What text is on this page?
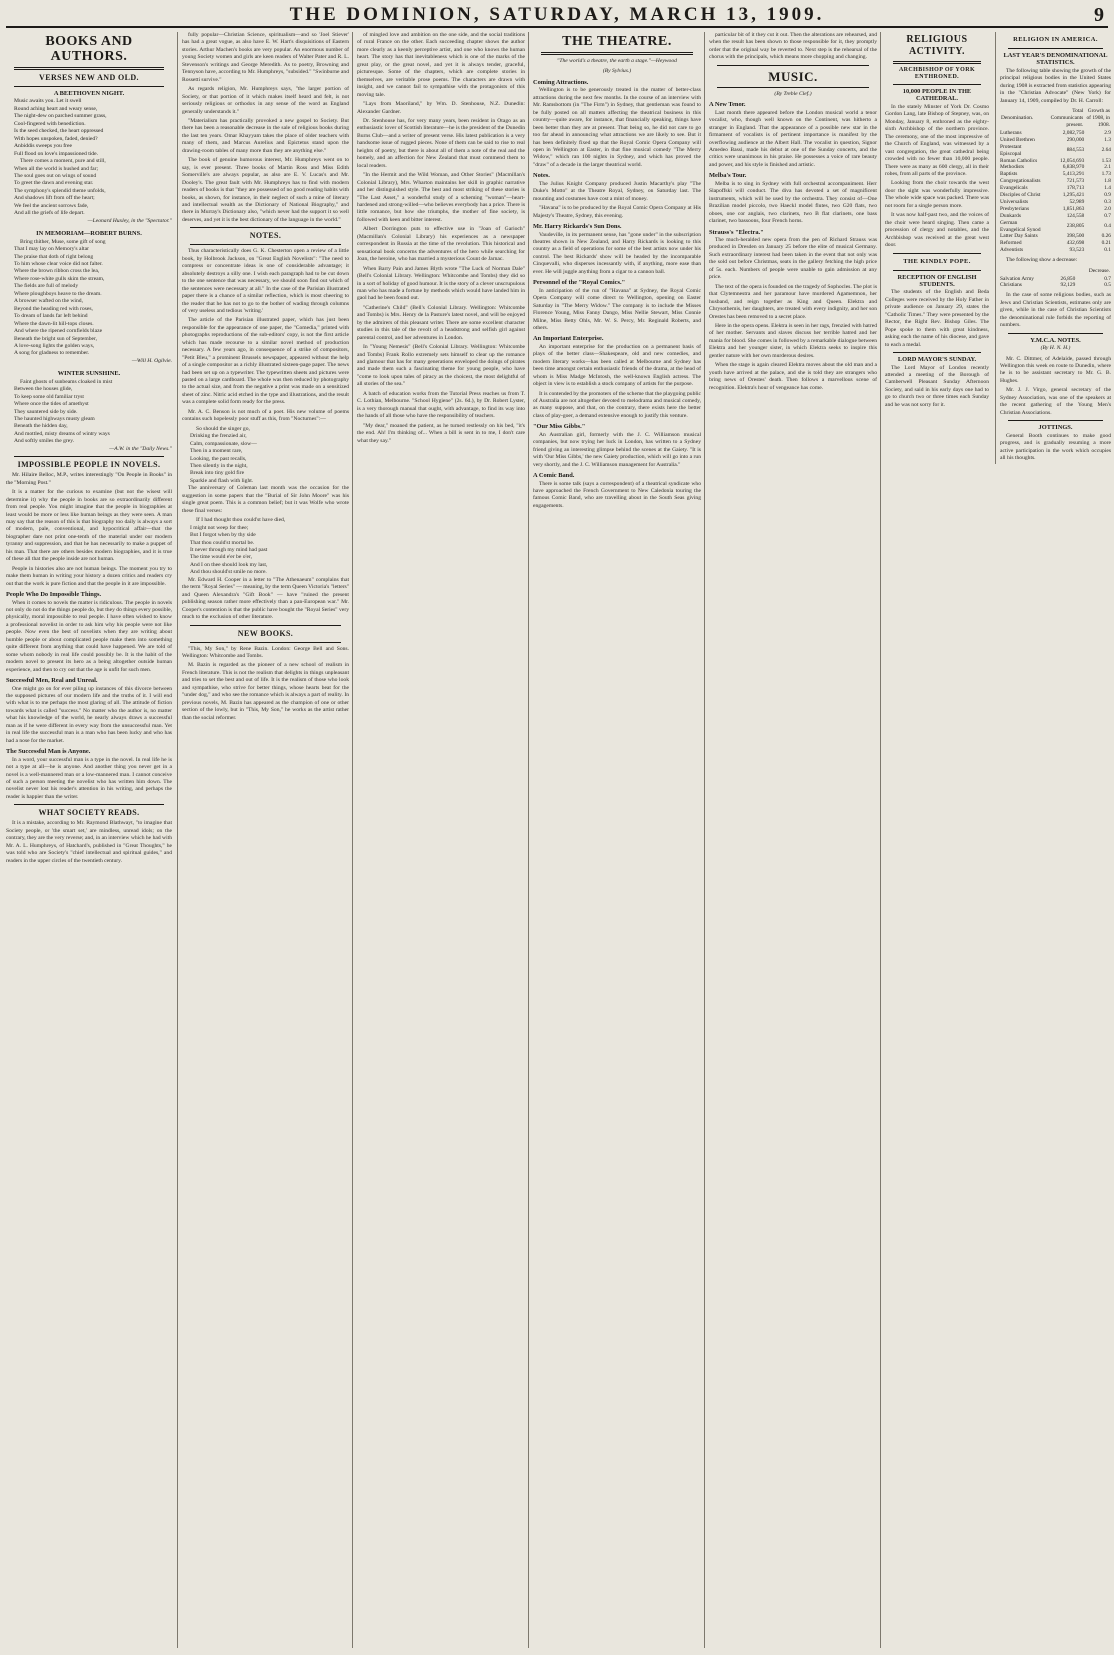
THE DOMINION, SATURDAY, MARCH 13, 1909.	9
BOOKS AND AUTHORS.
VERSES NEW AND OLD.
A BEETHOVEN NIGHT.
Music awaits you. Let it swell
Round aching heart and weary sense,
The night-dew on parched summer grass,
Cool-fingered with benediction.
Is the seed checked, the heart oppressed
With hopes unspoken, faded, denied?
Anbiddis sweeps you free
Full flood on love's impassioned tide.
There comes a moment, pure and still,
When all the world is hushed and far;
The soul goes out on wings of sound
To greet the dawn and evening star.
The symphony's splendid theme unfolds,
And shadows lift from off the heart;
We feel the ancient sorrows fade,
And all the griefs of life depart.
—Leonard Huxley, in the "Spectator."
IN MEMORIAM—ROBERT BURNS.
Bring thither, Muse, some gift of song
That I may lay on Memory's altar
The praise that doth of right belong
To him whose clear voice did not falter.
Where the brown ribbon cross the lea,
Where rose-white gulls skim the stream,
The fields are full of melody
Where ploughboys heave to the dream.
A browser wafted on the wind,
Beyond the heading red with roses,
To dream of lands far left behind
Where the dawn-lit hill-tops closes.
And where the ripened cornfields blaze
Beneath the bright sun of September,
A love-song lights the golden ways,
A song for gladness to remember.
—Will H. Ogilvie.
WINTER SUNSHINE.
Faint ghosts of sunbeams cloaked in mist
Between the houses glide,
To keep some old familiar tryst
Where once the tides of amethyst
They sauntered side by side.
The haunted highways musty gleam
Beneath the hidden day,
And mottled, misty dreams of wintry ways
And softly smiles the grey.
—A.W. in the "Daily News."
IMPOSSIBLE PEOPLE IN NOVELS.

Mr. Hilaire Belloc, M.P., writes interestingly "On People in Books" in the "Morning Post."

It is a matter for the curious to examine (but not the wisest will determine it) why the people in books are so extraordinarily different from real people. You might imagine that the people in biographies at least would be more or less like human beings as they were seen. A man may say that the reason of this is that biography too daily is always a sort of modern, pale, conventional, and hypocritical affair—that the biographer dare not print one-tenth of the material under our modern tyranny and suppression, and that he has necessarily to make a puppet of his man. That there are others besides modern biographies, and it is true of these all that the people inside are not human.

People in histories also are not human beings. The moment you try to make them human in writing your history a dozen critics and readers cry out that the work is pure fiction and that the people in it are impossible.

People Who Do Impossible Things.

When it comes to novels the matter is ridiculous. The people in novels not only do not do the things people do, but they do things every possible, physically, moral impossible to real people. I have often wished to know a professional novelist in order to ask him why his people were not like people. Now even the best of novelists when they are writing about humble people or about complicated people make them into something quite different from anything that could have happened. We are told of some whom nobody in real life could possibly be. It is the habit of the modern novel to present its hero as a being altogether outside human experience, and then to cry out that the age is unfit for such men.

Successful Men, Real and Unreal.

One might go on for ever piling up instances of this divorce between the supposed pictures of our modern life and the truths of it. I will end with what is to me perhaps the most glaring of all. The attitude of fiction towards what is called "success." No matter who the author is, no matter what his knowledge of the world, he nearly always draws a successful man as if he were different in every way from the unsuccessful man. Yet in real life the successful man is a man who has been lucky and who has had a nose for the market.

The Successful Man is Anyone.

In a word, your successful man is a type in the novel. In real life he is not a type at all—he is anyone. And another thing you never get in a novel is a well-mannered man or a low-mannered man. I cannot conceive of such a person meeting the novelist who has written him down. The novelist never lost his reader's attention in his writing, and perhaps the reader is happier than the writer.

WHAT SOCIETY READS.

It is a mistake, according to Mr. Raymond Blathwayt, "to imagine that Society people, or 'the smart set,' are mindless, unread idols; on the contrary, they are the very reverse; and, in an interview which he had with Mr. A. L. Humphreys, of Hatchard's, published in "Great Thoughts," he was told who are Society's "chief intellectual and spiritual guides," and readers in the upper circles of the twentieth century.

fully popular—Christian Science, spiritualism—and so 'Joel Stiever' has had a great vogue, as also have E. W. Hart's disquisitions of Eastern stories. Arthur Machen's books are very popular. An enormous number of young Society women and girls are keen readers of Walter Pater and R. L. Stevenson's writings and George Meredith. As to poetry, Browning and Tennyson have, according to Mr. Humphreys, "subsided." "Swinburne and Rossetti survive."

As regards religion, Mr. Humphreys says, "the larger portion of Society, or that portion of it which makes itself heard and felt, is not seriously religious or orthodox in any sense of the word as England generally understands it."

"Materialism has practically provoked a new gospel to Society. But there has been a reasonable decrease in the sale of religious books during the last ten years. Omar Khayyam takes the place of older teachers with many of them, and Marcus Aurelius and Epictetus stand upon the drawing-room tables of many more than they are anything else."

The book of genuine humorous interest, Mr. Humphreys went on to say, is ever present. Three books of Martin Ross and Miss Edith Somerville's are always popular, as also are E. V. Lucas's and Mr. Dooley's. The great fault with Mr. Humphreys has to find with modern readers of books is that "they are possessed of no good reading habits with books, as shown, for instance, in their neglect of such a mine of literary and intellectual wealth as the Dictionary of National Biography," and there in Murray's Dictionary also, "which never had the support it so well deserves, and yet it is the best dictionary of the language in the world."

NOTES.

Thus characteristically does G. K. Chesterton open a review of a little book, by Holbrook Jackson, on "Great English Novelists": "The need to compress or concentrate ideas is one of considerable advantage; it absolutely destroys a silly one. I wish each paragraph had to be cut down to the one sentence that was necessary, we should soon find out which of the sentences were necessary at all." In the case of the Parisian illustrated paper there is a chance of a similar reflection, which is most cheering to the reader that he has not to go to the bother of wading through columns of very useless and tedious 'writing.'

The article of the Parisian illustrated paper, which has just been responsible for the appearance of one paper, the "Comedia," printed with photographs reproductions of the sub-editors' copy, is not the first article which has made recourse to a similar novel method of production necessary. A few years ago, in consequence of a strike of compositors, "Petit Bleu," a prominent Brussels newspaper, appeared without the help of a single compositor as a richly illustrated sixteen-page paper. The news had been set up on a typewriter. The typewritten sheets and pictures were pasted on a large cardboard. The whole was then reduced by photography to the actual size, and from the negative a print was made on a sensitized sheet of zinc. Nitric acid etched in the type and illustrations, and the result was a complete solid form ready for the press.

Mr. A. C. Benson is not much of a poet. His new volume of poems contains such hopelessly poor stuff as this, from "Nocturnes":—

So should the singer go,
Drinking the frenzied air,
Calm, compassionate, slow—
Then in a moment rare,
Looking, the past recalls,
Then silently in the night,
Break into tiny gold fire
Sparkle and flash with light.

The anniversary of Coleman last month was the occasion for the suggestion in some papers that the "Burial of Sir John Moore" was his single great poem. This is a common belief; but it was Wolfe who wrote these final verses:

If I had thought thou could'st have died,
I might not weep for thee;
But I forgot when by thy side
That thou could'st mortal be.
It never through my mind had past
The time would e'er be o'er,
And I on thee should look my last,
And thou should'st smile no more.

Mr. Edward H. Cooper in a letter to "The Athenaeum" complains that the term "Royal Series" — meaning, by the term Queen Victoria's "letters" and Queen Alexandra's "Gift Book" — have "ruined the present publishing season rather more effectively than a pan-European war." Mr. Cooper's contention is that the public have bought the "Royal Series" very much to the exclusion of other literature.

NEW BOOKS.

"This, My Son," by Rene Bazin. London: George Bell and Sons. Wellington: Whitcombe and Tombs.

M. Bazin is regarded as the pioneer of a new school of realism in French literature. This is not the realism that delights in things unpleasant and tries to set the best and out of life. It is the realism of those who look and sympathise, who strive for better things, whose hearts beat for the "under dog," and who see the romance which is always a part of reality. In previous novels, M. Bazin has appeared as the champion of one or other section of the lowly, but in "This, My Son," he works as the artist rather than the social reformer.

of mingled love and ambition on the one side, and the social traditions of rural France on the other. Each succeeding chapter shows the author more clearly as a keenly perceptive artist, and one who knows the human heart. The story has that inevitableness which is one of the marks of the great play, or the great novel, and yet it is always tender, graceful, picturesque. Some of the chapters, which are complete stories in themselves, are veritable prose poems. The characters are drawn with insight, and we cannot fail to sympathise with the protagonists of this moving tale.

"Lays from Maoriland," by Wm. D. Stenhouse, N.Z. Dunedin: Alexander Gardner.

Dr. Stenhouse has, for very many years, been resident in Otago as an enthusiastic lover of Scottish literature—he is the president of the Dunedin Burns Club—and a writer of present verse. His latest publication is a very handsome issue of rugged pieces. None of them can be said to rise to real heights of poetry, but there is about all of them a note of the real and the homely, and an affection for New Zealand that must commend them to local readers.

"In the Hermit and the Wild Woman, and Other Stories" (Macmillan's Colonial Library), Mrs. Wharton maintains her skill in graphic narrative and her distinguished style. The best and most striking of these stories is "The Last Asset," a wonderful study of a scheming "woman"—heart-hardened and strong-willed—who believes everybody has a price. There is little romance, but how she triumphs, the mother of fine society, is followed with keen and bitter interest.

Albert Dorrington puts to effective use in "Joan of Garioch" (Macmillan's Colonial Library) his experiences as a newspaper correspondent in Russia at the time of the revolution. This historical and sensational book concerns the adventures of the hero while searching for Joan, the heroine, who has married a mysterious Count de Jarnac.

When Barry Pain and James Blyth wrote "The Luck of Norman Dale" (Bell's Colonial Library. Wellington: Whitcombe and Tombs) they did so in a sort of holiday of good humour. It is the story of a clever unscrupulous man who has made a fortune by methods which would have landed him in gaol had he been found out.

"Catherine's Child" (Bell's Colonial Library. Wellington: Whitcombe and Tombs) is Mrs. Henry de la Pasture's latest novel, and will be enjoyed by the admirers of this pleasant writer. There are some excellent character studies in this tale of the revolt of a headstrong and selfish girl against parental control, and her adventures in London.

In "Young Nemesis" (Bell's Colonial Library. Wellington: Whitcombe and Tombs) Frank Rollo extremely sets himself to clear up the romance and glamour that has for many generations enveloped the doings of pirates and made them such a fascinating theme for young people, who have "come to look upon tales of piracy as the choicest, the most delightful of all stories of the sea."

A batch of education works from the Tutorial Press reaches us from T. C. Lothian, Melbourne. "School Hygiene" (2s. 6d.), by Dr. Robert Lyster, is a very thorough manual that ought, with advantage, to find its way into the hands of all those who have the responsibility of teachers.

"My dear," moaned the patient, as he turned restlessly on his bed, "it's the end. Ah! I'm thinking of... When a bill is sent in to me, I don't care what they say."

THE THEATRE.
"The world's a theatre, the earth a stage."—Heywood
(By Sylvius.)
Coming Attractions.

Wellington is to be generously treated in the matter of better-class attractions during the next few months. In the course of an interview with Mr. Ramsbottom (in "The Firm") in Sydney, that gentleman was found to be fully posted on all matters affecting the theatrical business in this country—quite aware, for instance, that financially speaking, things have been better than they are at present. That being so, he did not care to go too far ahead in announcing what attractions we are likely to see. But it has been definitely fixed up that the Royal Comic Opera Company will open in Wellington at Easter, in that fine musical comedy "The Merry Widow," which ran 100 nights in Sydney, and which has proved the "draw" of a decade in the larger theatrical world.

Notes.

The Julius Knight Company produced Justin Macarthy's play "The Duke's Motto" at the Theatre Royal, Sydney, on Saturday last. The mounting and costumes have cost a mint of money.

"Havana" is to be produced by the Royal Comic Opera Company at His Majesty's Theatre, Sydney, this evening.

Mr. Harry Rickards's Sun Dons.

Vaudeville, in its permanent sense, has "gone under" in the subscription theatres shown in New Zealand, and Harry Rickards is looking to this country as a field of operations for some of the best artists now under his control. The best Rickards' show will be headed by the incomparable Cinquevalli, who disperses incessantly with, if anything, more ease than ever. He will juggle anything from a cigar to a cannon ball.

Personnel of the "Royal Comics."

In anticipation of the run of "Havana" at Sydney, the Royal Comic Opera Company will come direct to Wellington, opening on Easter Saturday in "The Merry Widow." The company is to include the Misses Florence Young, Miss Fanny Dango, Miss Nellie Stewart, Miss Connie Milne, Miss Betty Ohls, Mr. W. S. Percy, Mr. Reginald Roberts, and others.

An Important Enterprise.

An important enterprise for the production on a permanent basis of plays of the better class—Shakespeare, old and new comedies, and modern literary works—has been called at Melbourne and Sydney has been time amongst certain enthusiastic friends of the drama, at the head of whom is Miss Madge McIntosh, the well-known English actress. The object in view is to establish a stock company of artists for the purpose.

It is contended by the promoters of the scheme that the playgoing public of Australia are not altogether devoted to melodrama and musical comedy, as many suppose, and that, on the contrary, there exists here the better class of play-goer, a demand extensive enough to justify this venture.

"Our Miss Gibbs."

An Australian girl, formerly with the J. C. Williamson musical companies, but now trying her luck in London, has written to a Sydney friend giving an interesting glimpse behind the scenes at the Gaiety. "It is with 'Our Miss Gibbs,' the new Gaiety production, which will go into a run very shortly, and the J. C. Williamson management for Australia."

A Comic Band.

There is some talk (says a correspondent) of a theatrical syndicate who have approached the French Government to New Caledonia touring the famous Comic Band, who are travelling about in the South Seas giving engagements.

particular bit of it they cut it out. Then the alterations are rehearsed, and when the result has been shown to those responsible for it, they promptly order that the original way be reverted to. Next step is the rehearsal of the chorus with the principals, which means more chopping and changing.

MUSIC.
(By Treble Clef.)
A New Tenor.

Last month there appeared before the London musical world a tenor vocalist, who, though well known on the Continent, was hitherto a stranger in England. That the appearance of a possible new star in the firmament of vocalists is of pertinent importance is manifest by the overflowing audience at the Albert Hall. The vocalist in question, Signor Amedeo Bassi, made his debut at one of the Sunday concerts, and the critics were unanimous in his praise. He possesses a voice of rare beauty and power, and his style is finished and artistic.

Melba's Tour.

Melba is to sing in Sydney with full orchestral accompaniment. Herr Slapoffski will conduct. The diva has devoted a set of magnificent instruments, which will be used by the orchestra. They consist of—One Brazilian model piccolo, two Haeckl model flutes, two G20 flats, two oboes, one cor anglais, two clarinets, two B flat clarinets, one bass clarinet, two bassoons, four French horns.

Strauss's "Electra."

The much-heralded new opera from the pen of Richard Strauss was produced in Dresden on January 25 before the elite of musical Germany. Such extraordinary interest had been taken in the event that not only was the sold out before Christmas, seats in the gallery fetching the high price of 5s. each. Numbers of people were unable to gain admission at any price.

The text of the opera is founded on the tragedy of Sophocles. The plot is that Clytemnestra and her paramour have murdered Agamemnon, her husband, and reign together as King and Queen. Elektra and Chrysothemis, her daughters, are treated with every indignity, and her son Orestes has been removed to a secret place.

Here in the opera opens. Elektra is seen in her rags, frenzied with hatred of her mother. Servants and slaves discuss her terrible hatred and her mania for blood. She comes in followed by a remarkable dialogue between Elektra and her younger sister, in which Elektra seeks to inspire this gentler nature with her own murderous desires.

When the stage is again cleared Elektra moves about the old man and a youth have arrived at the palace, and she is told they are strangers who bring news of Orestes' death. Then follows a marvellous scene of recognition. Elektra's hour of vengeance has come.

RELIGIOUS ACTIVITY.
ARCHBISHOP OF YORK ENTHRONED.
10,000 PEOPLE IN THE CATHEDRAL.

In the stately Minster of York Dr. Cosmo Gordon Lang, late Bishop of Stepney, was, on Monday, January 8, enthroned as the eighty-sixth Archbishop of the northern province. The ceremony, one of the most impressive of the Church of England, was witnessed by a vast congregation, the great cathedral being crowded with no fewer than 10,000 people. There were as many as 600 clergy, all in their robes, from all parts of the province.

Looking from the choir towards the west door the sight was wonderfully impressive. The whole wide space was packed. There was not room for a single person more.

It was now half-past two, and the voices of the choir were heard singing. Then came a procession of clergy and notables, and the Archbishop was received at the great west door.

THE KINDLY POPE.
RECEPTION OF ENGLISH STUDENTS.

The students of the English and Beda Colleges were received by the Holy Father in private audience on January 29, states the "Catholic Times." They were presented by the Rector, the Right Rev. Bishop Giles. The Pope spoke to them with great kindness, asking each the name of his diocese, and gave to each a medal.

LORD MAYOR'S SUNDAY.

The Lord Mayor of London recently attended a meeting of the Borough of Camberwell Pleasant Sunday Afternoon Society, and said in his early days one had to go to church two or three times each Sunday and he was not sorry for it.

RELIGION IN AMERICA.
LAST YEAR'S DENOMINATIONAL STATISTICS.

The following table showing the growth of the principal religious bodies in the United States during 1908 is extracted from statistics appearing in the "Christian Advocate" (New York) for January 14, 1909, compiled by Dr. H. Carroll:

Denomination.	Total Communicants present.	Growth as of 1908, in 1908.
Lutherans	2,082,750	2.9
United Brethren	290,000	1.3
Protestant Episcopal	884,553	2.64
Roman Catholics	12,054,693	1.53
Methodists	6,838,970	2.1
Baptists	5,413,291	1.73
Congregationalists	721,573	1.8
Evangelicals	178,713	1.4
Disciples of Christ	1,295,421	0.9
Universalists	52,989	0.3
Presbyterians	1,851,863	2.0
Dunkards	124,558	0.7
German Evangelical Synod	238,805	0.4
Latter Day Saints	398,500	0.26
Reformed	432,698	0.21
Adventists	93,523	0.1

The following show a decrease:

		Decrease.
Salvation Army	26,850	0.7
Christians	92,129	0.5

In the case of some religious bodies, such as Jews and Christian Scientists, estimates only are given, while in the case of Christian Scientists the denominational rule forbids the reporting of numbers.

Y.M.C.A. NOTES.
(By H. N. H.)

Mr. C. Dittmer, of Adelaide, passed through Wellington this week en route to Dunedin, where he is to be assistant secretary to Mr. G. B. Hughes.

Mr. J. J. Virgo, general secretary of the Sydney Association, was one of the speakers at the recent gathering of the Young Men's Christian Associations.

JOTTINGS.

General Booth continues to make good progress, and is gradually resuming a more active participation in the work which occupies all his thoughts.
